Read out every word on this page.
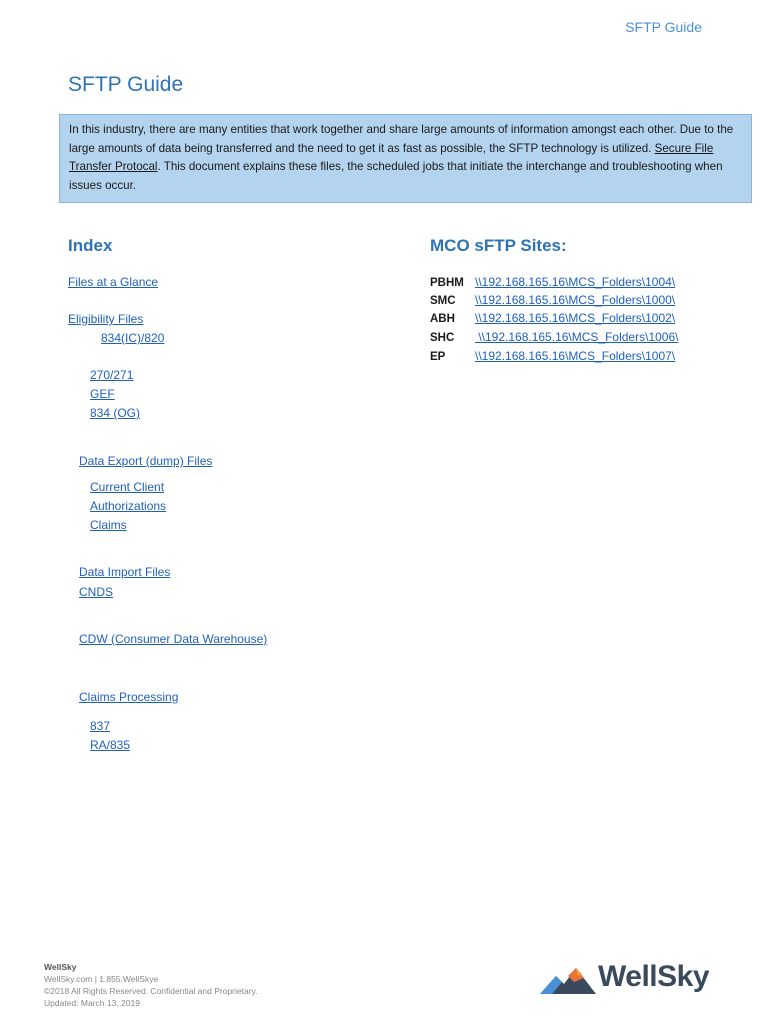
SFTP Guide
SFTP Guide
In this industry, there are many entities that work together and share large amounts of information amongst each other. Due to the large amounts of data being transferred and the need to get it as fast as possible, the SFTP technology is utilized. Secure File Transfer Protocal. This document explains these files, the scheduled jobs that initiate the interchange and troubleshooting when issues occur.
Index
Files at a Glance
Eligibility Files
834(IC)/820
270/271
GEF
834 (OG)
Data Export (dump) Files
Current Client
Authorizations
Claims
Data Import Files
CNDS
CDW (Consumer Data Warehouse)
Claims Processing
837
RA/835
MCO sFTP Sites:
PBHM \\192.168.165.16\MCS_Folders\1004\
SMC \\192.168.165.16\MCS_Folders\1000\
ABH \\192.168.165.16\MCS_Folders\1002\
SHC \\192.168.165.16\MCS_Folders\1006\
EP \\192.168.165.16\MCS_Folders\1007\
WellSky
WellSky.com | 1.855.WellSkye
©2018 All Rights Reserved. Confidential and Proprietary.
Updated: March 13, 2019
WellSky
